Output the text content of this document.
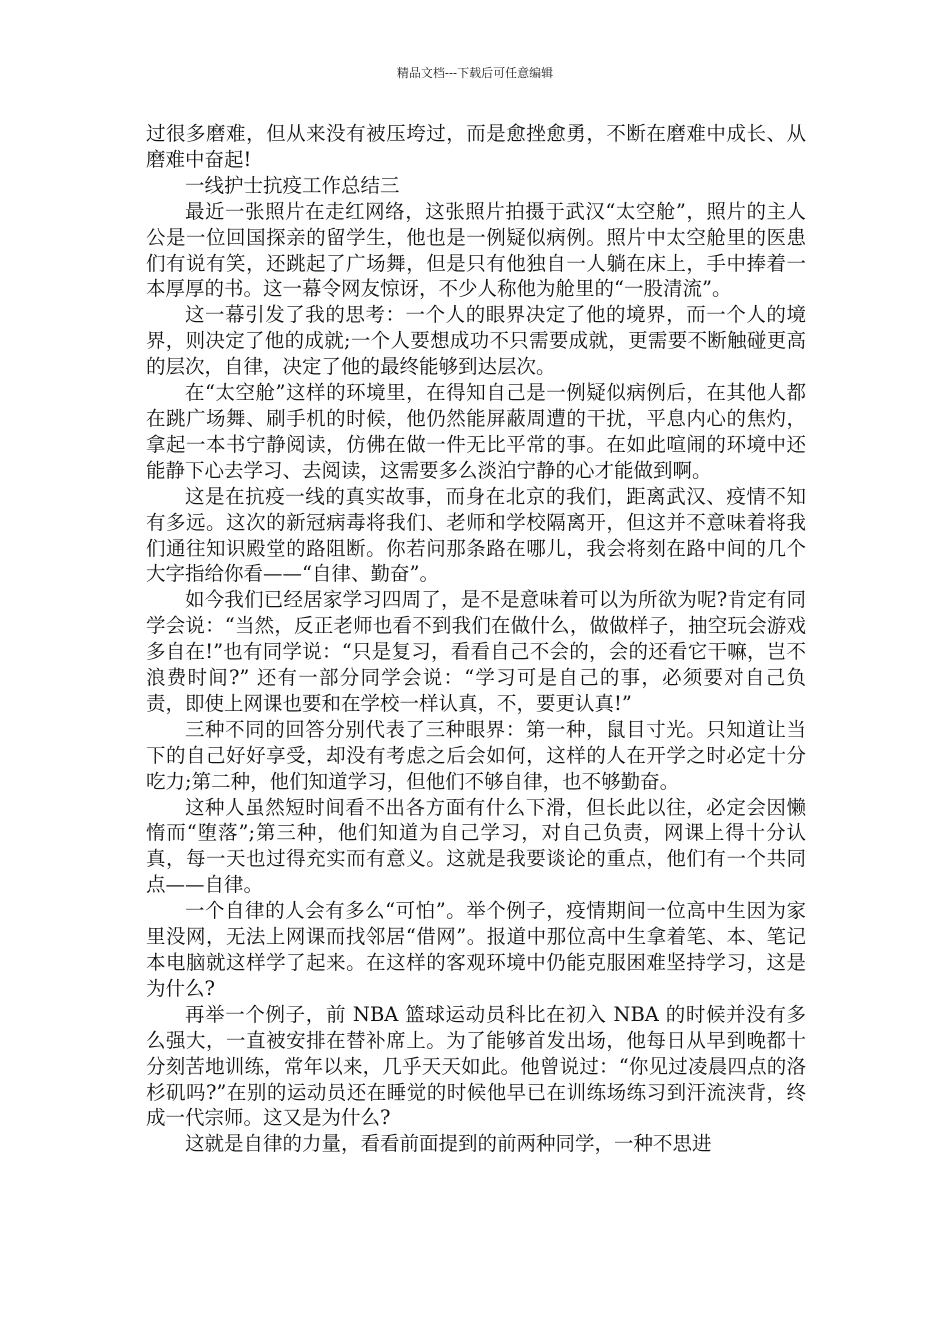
精品文档---下载后可任意编辑

过很多磨难，但从来没有被压垮过，而是愈挫愈勇，不断在磨难中成长、从磨难中奋起!

一线护士抗疫工作总结三

最近一张照片在走红网络，这张照片拍摄于武汉“太空舱”，照片的主人公是一位回国探亲的留学生，他也是一例疑似病例。照片中太空舱里的医患们有说有笑，还跳起了广场舞，但是只有他独自一人躺在床上，手中捧着一本厚厚的书。这一幕令网友惊讶，不少人称他为舱里的“一股清流”。

这一幕引发了我的思考：一个人的眼界决定了他的境界，而一个人的境界，则决定了他的成就;一个人要想成功不只需要成就，更需要不断触碰更高的层次，自律，决定了他的最终能够到达层次。

在“太空舱”这样的环境里，在得知自己是一例疑似病例后，在其他人都在跳广场舞、刷手机的时候，他仍然能屏蔽周遭的干扰，平息内心的焦灼，拿起一本书宁静阅读，仿佛在做一件无比平常的事。在如此喧闹的环境中还能静下心去学习、去阅读，这需要多么淡泊宁静的心才能做到啊。

这是在抗疫一线的真实故事，而身在北京的我们，距离武汉、疫情不知有多远。这次的新冠病毒将我们、老师和学校隔离开，但这并不意味着将我们通往知识殿堂的路阻断。你若问那条路在哪儿，我会将刻在路中间的几个大字指给你看——“自律、勤奋”。

如今我们已经居家学习四周了，是不是意味着可以为所欲为呢?肯定有同学会说：“当然，反正老师也看不到我们在做什么，做做样子，抽空玩会游戏多自在!”也有同学说：“只是复习，看看自己不会的，会的还看它干嘛，岂不浪费时间?” 还有一部分同学会说：“学习可是自己的事，必须要对自己负责，即使上网课也要和在学校一样认真，不，要更认真!”

三种不同的回答分别代表了三种眼界：第一种，鼠目寸光。只知道让当下的自己好好享受，却没有考虑之后会如何，这样的人在开学之时必定十分吃力;第二种，他们知道学习，但他们不够自律，也不够勤奋。

这种人虽然短时间看不出各方面有什么下滑，但长此以往，必定会因懒惰而“堕落”;第三种，他们知道为自己学习，对自己负责，网课上得十分认真，每一天也过得充实而有意义。这就是我要谈论的重点，他们有一个共同点——自律。

一个自律的人会有多么“可怕”。举个例子，疫情期间一位高中生因为家里没网，无法上网课而找邻居“借网”。报道中那位高中生拿着笔、本、笔记本电脑就这样学了起来。在这样的客观环境中仍能克服困难坚持学习，这是为什么?

再举一个例子，前 NBA 篮球运动员科比在初入 NBA 的时候并没有多么强大，一直被安排在替补席上。为了能够首发出场，他每日从早到晚都十分刻苦地训练，常年以来，几乎天天如此。他曾说过：“你见过凌晨四点的洛杉矶吗?”在别的运动员还在睡觉的时候他早已在训练场练习到汗流浃背，终成一代宗师。这又是为什么?

这就是自律的力量，看看前面提到的前两种同学，一种不思进
